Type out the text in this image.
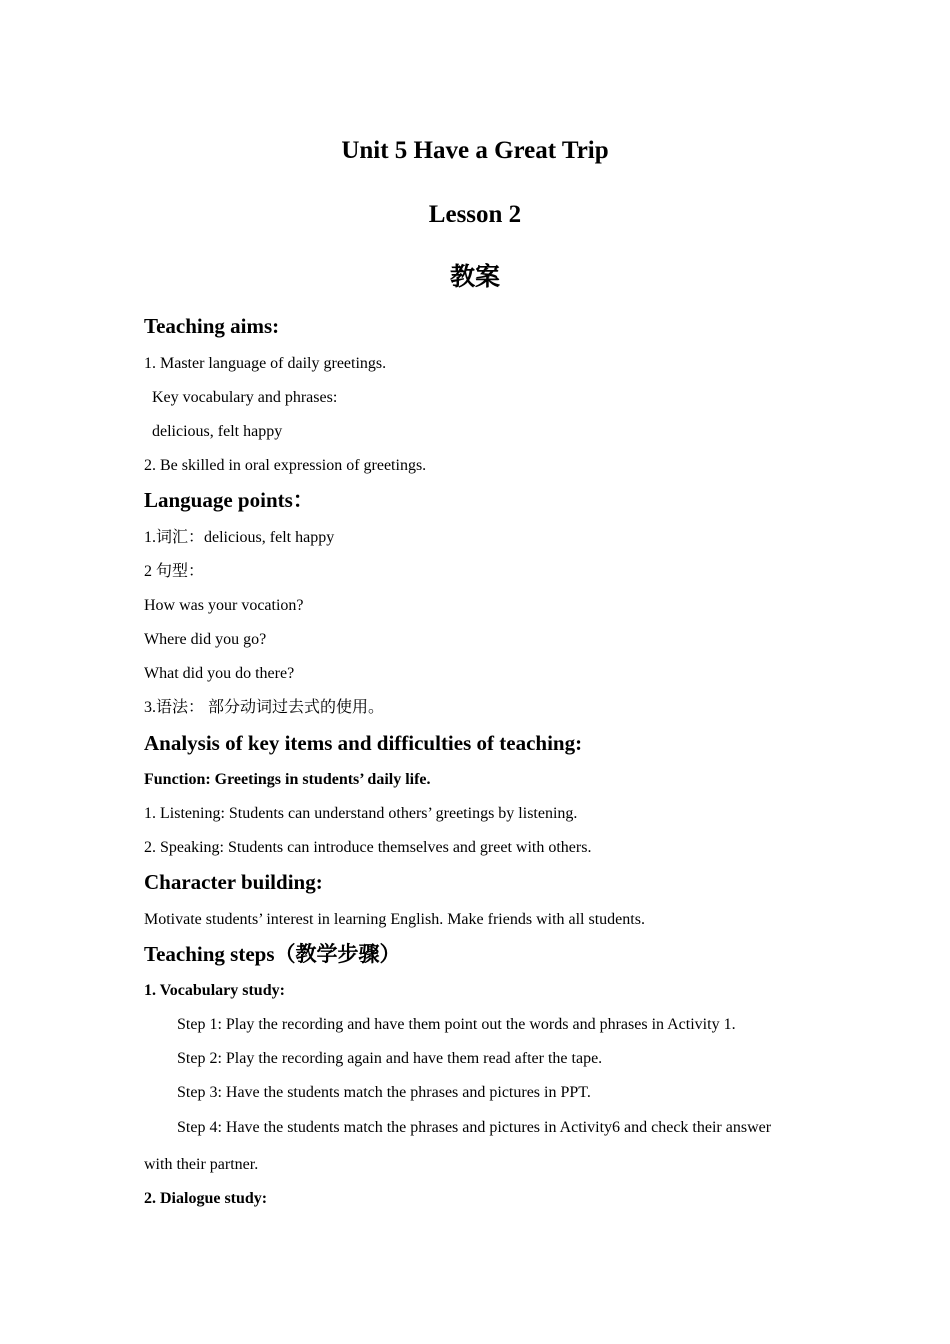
Unit 5 Have a Great Trip
Lesson 2
教案
Teaching aims:
1. Master language of daily greetings.
Key vocabulary and phrases:
delicious, felt happy
2. Be skilled in oral expression of greetings.
Language points：
1.词汇：delicious, felt happy
2 句型：
How was your vocation?
Where did you go?
What did you do there?
3.语法： 部分动词过去式的使用。
Analysis of key items and difficulties of teaching:
Function: Greetings in students’ daily life.
1. Listening: Students can understand others’ greetings by listening.
2. Speaking: Students can introduce themselves and greet with others.
Character building:
Motivate students’ interest in learning English. Make friends with all students.
Teaching steps（教学步骤）
1. Vocabulary study:
Step 1: Play the recording and have them point out the words and phrases in Activity 1.
Step 2: Play the recording again and have them read after the tape.
Step 3: Have the students match the phrases and pictures in PPT.
Step 4: Have the students match the phrases and pictures in Activity6 and check their answer
with their partner.
2. Dialogue study:
